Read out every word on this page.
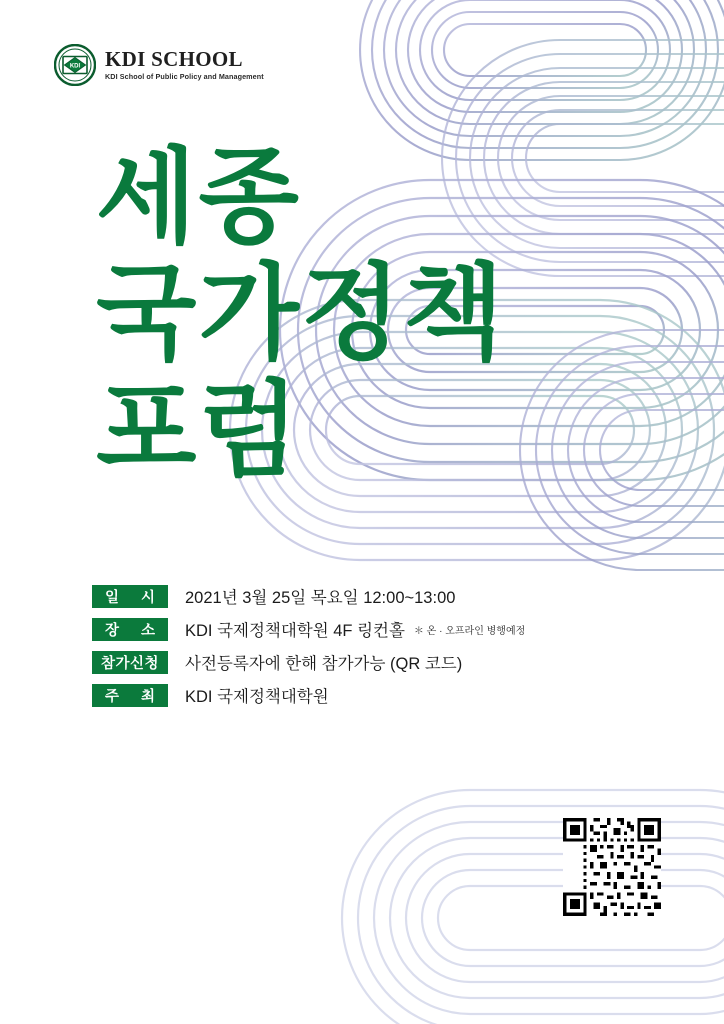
KDI KDI SCHOOL
KDI School of Public Policy and Management
세종
국가정책
포럼
일 시 2021년 3월 25일 목요일 12:00~13:00
장 소 KDI 국제정책대학원 4F 링컨홀 ＊ 온 · 오프라인 병행예정
참가신청	사전등록자에 한해 참가가능 (QR 코드)
주 최 KDI 국제정책대학원
